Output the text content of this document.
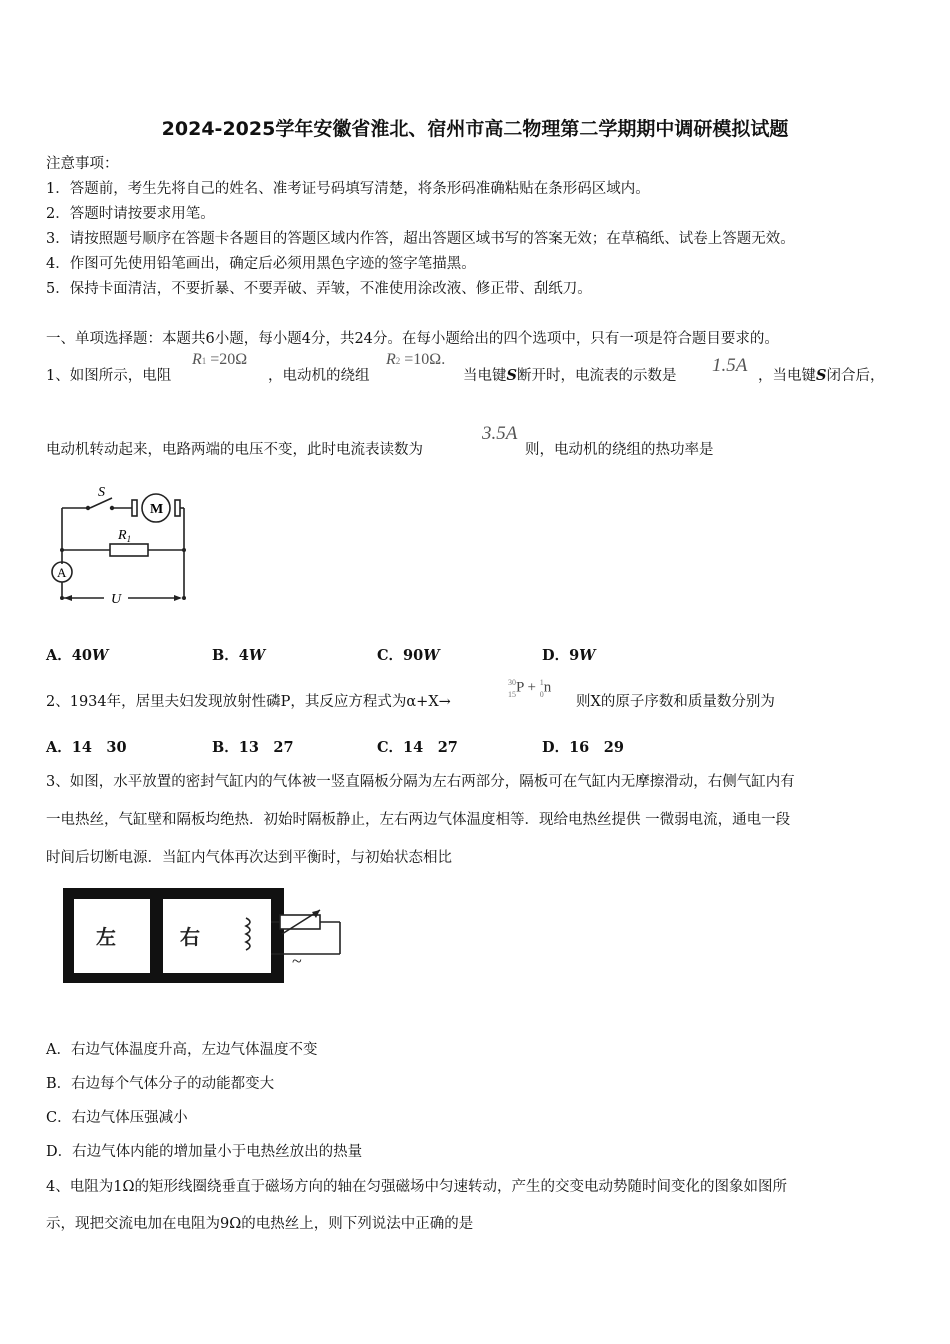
2024-2025学年安徽省淮北、宿州市高二物理第二学期期中调研模拟试题
注意事项：
1．答题前，考生先将自己的姓名、准考证号码填写清楚，将条形码准确粘贴在条形码区域内。
2．答题时请按要求用笔。
3．请按照题号顺序在答题卡各题目的答题区域内作答，超出答题区域书写的答案无效；在草稿纸、试卷上答题无效。
4．作图可先使用铅笔画出，确定后必须用黑色字迹的签字笔描黑。
5．保持卡面清洁，不要折暴、不要弄破、弄皱，不准使用涂改液、修正带、刮纸刀。
一、单项选择题：本题共6小题，每小题4分，共24分。在每小题给出的四个选项中，只有一项是符合题目要求的。
1、如图所示，电阻
R1 =20Ω
，电动机的绕组
R2 =10Ω.
当电键S断开时，电流表的示数是 1.5A ，当电键S闭合后，
电动机转动起来，电路两端的电压不变，此时电流表读数为
3.5A
则，电动机的绕组的热功率是
S
M
$R_1$
A
U
A．40W	B．4W	C．90W	D．9W
2、1934年，居里夫妇发现放射性磷P，其反应方程式为α+X→
30
15P + 1
0n
则X的原子序数和质量数分别为
A．14　30	B．13　27	C．14　27	D．16　29
3、如图，水平放置的密封气缸内的气体被一竖直隔板分隔为左右两部分，隔板可在气缸内无摩擦滑动，右侧气缸内有
一电热丝，气缸壁和隔板均绝热．初始时隔板静止，左右两边气体温度相等．现给电热丝提供 一微弱电流，通电一段
时间后切断电源．当缸内气体再次达到平衡时，与初始状态相比
左	右
~
A．右边气体温度升高，左边气体温度不变
B．右边每个气体分子的动能都变大
C．右边气体压强减小
D．右边气体内能的增加量小于电热丝放出的热量
4、电阻为1Ω的矩形线圈绕垂直于磁场方向的轴在匀强磁场中匀速转动，产生的交变电动势随时间变化的图象如图所
示，现把交流电加在电阻为9Ω的电热丝上，则下列说法中正确的是
